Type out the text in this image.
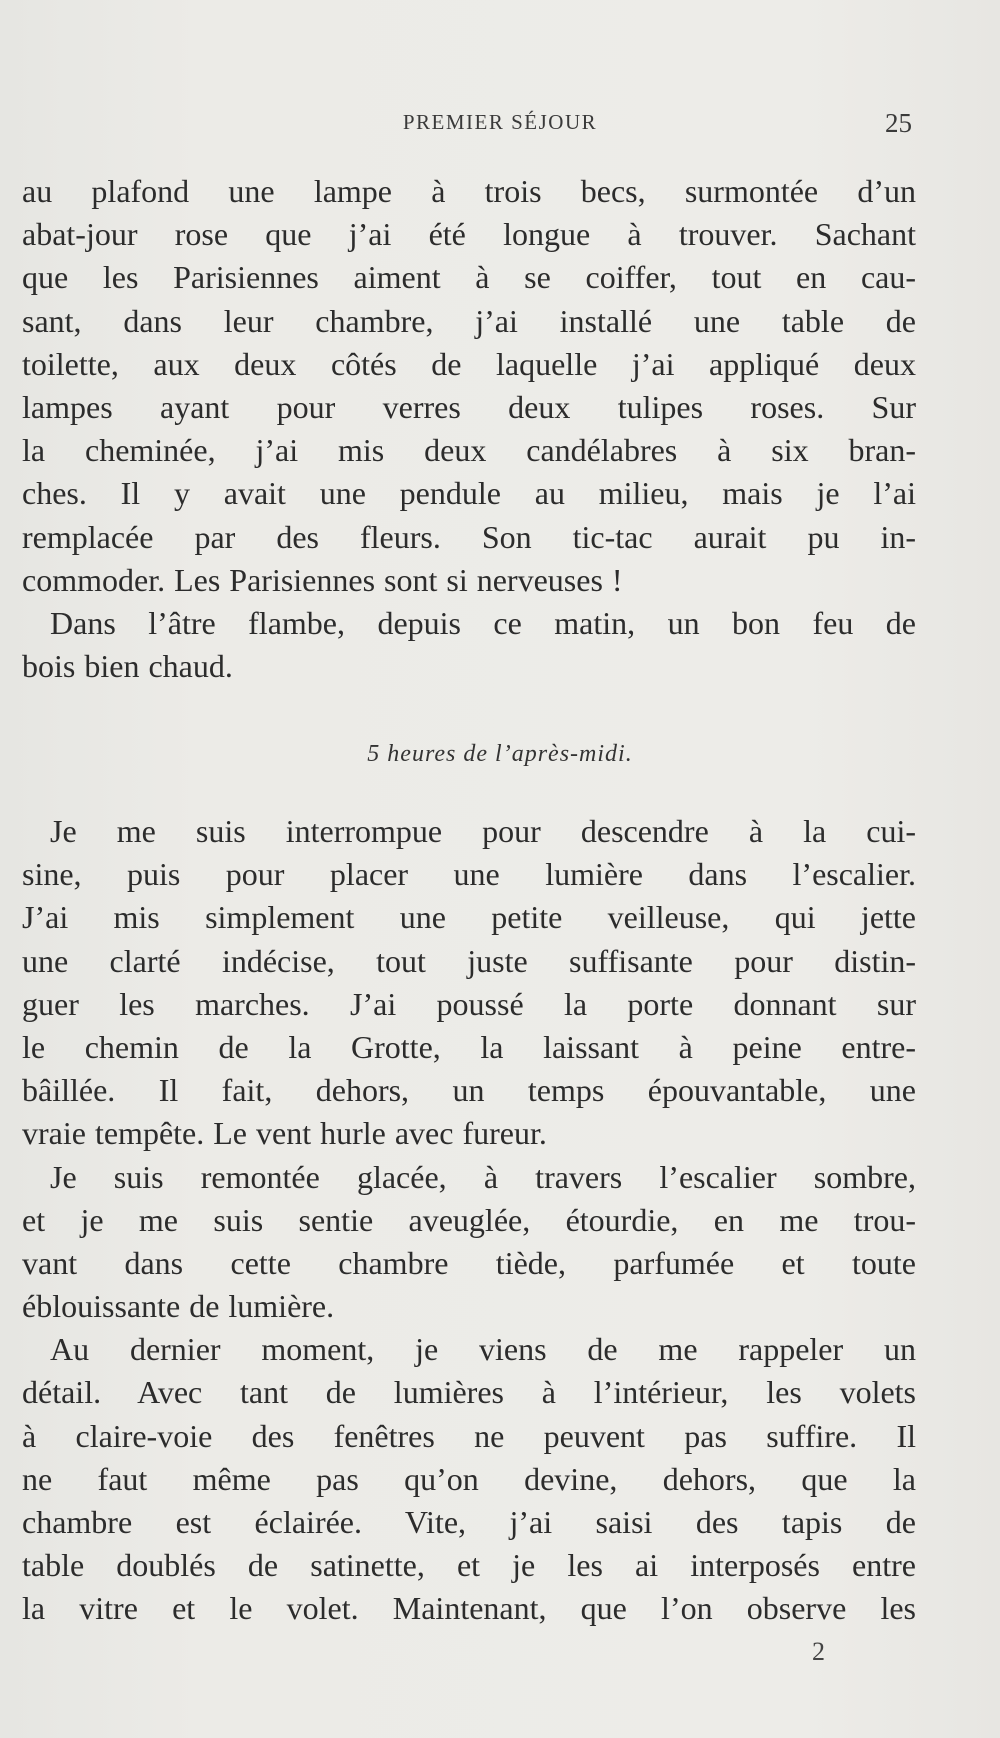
PREMIER SÉJOUR	25
au plafond une lampe à trois becs, surmontée d’un
abat-jour rose que j’ai été longue à trouver. Sachant
que les Parisiennes aiment à se coiffer, tout en cau-
sant, dans leur chambre, j’ai installé une table de
toilette, aux deux côtés de laquelle j’ai appliqué deux
lampes ayant pour verres deux tulipes roses. Sur
la cheminée, j’ai mis deux candélabres à six bran-
ches. Il y avait une pendule au milieu, mais je l’ai
remplacée par des fleurs. Son tic-tac aurait pu in-
commoder. Les Parisiennes sont si nerveuses !
Dans l’âtre flambe, depuis ce matin, un bon feu de
bois bien chaud.
5 heures de l’après-midi.
Je me suis interrompue pour descendre à la cui-
sine, puis pour placer une lumière dans l’escalier.
J’ai mis simplement une petite veilleuse, qui jette
une clarté indécise, tout juste suffisante pour distin-
guer les marches. J’ai poussé la porte donnant sur
le chemin de la Grotte, la laissant à peine entre-
bâillée. Il fait, dehors, un temps épouvantable, une
vraie tempête. Le vent hurle avec fureur.
Je suis remontée glacée, à travers l’escalier sombre,
et je me suis sentie aveuglée, étourdie, en me trou-
vant dans cette chambre tiède, parfumée et toute
éblouissante de lumière.
Au dernier moment, je viens de me rappeler un
détail. Avec tant de lumières à l’intérieur, les volets
à claire-voie des fenêtres ne peuvent pas suffire. Il
ne faut même pas qu’on devine, dehors, que la
chambre est éclairée. Vite, j’ai saisi des tapis de
table doublés de satinette, et je les ai interposés entre
la vitre et le volet. Maintenant, que l’on observe les
2
